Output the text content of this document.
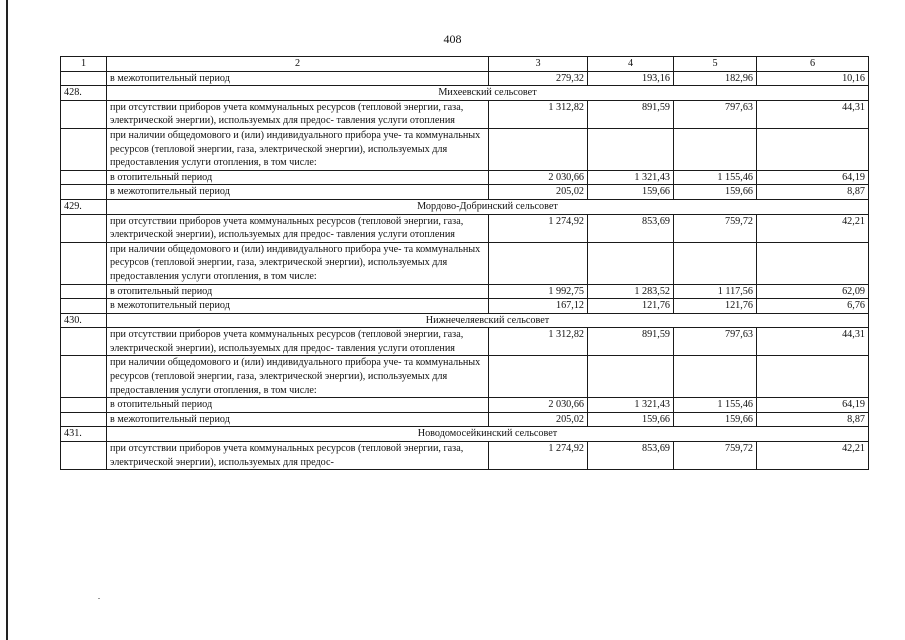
408
1	2	3	4	5	6
	в межотопительный период	279,32	193,16	182,96	10,16
428.	Михеевский сельсовет				
	при отсутствии приборов учета коммунальных ресурсов (тепловой энергии, газа, электрической энергии), используемых для предос- тавления услуги отопления	1 312,82	891,59	797,63	44,31
	при наличии общедомового и (или) индивидуального прибора уче- та коммунальных ресурсов (тепловой энергии, газа, электрической энергии), используемых для предоставления услуги отопления, в том числе:				
	в отопительный период	2 030,66	1 321,43	1 155,46	64,19
	в межотопительный период	205,02	159,66	159,66	8,87
429.	Мордово-Добринский сельсовет				
	при отсутствии приборов учета коммунальных ресурсов (тепловой энергии, газа, электрической энергии), используемых для предос- тавления услуги отопления	1 274,92	853,69	759,72	42,21
	при наличии общедомового и (или) индивидуального прибора уче- та коммунальных ресурсов (тепловой энергии, газа, электрической энергии), используемых для предоставления услуги отопления, в том числе:				
	в отопительный период	1 992,75	1 283,52	1 117,56	62,09
	в межотопительный период	167,12	121,76	121,76	6,76
430.	Нижнечеляевский сельсовет				
	при отсутствии приборов учета коммунальных ресурсов (тепловой энергии, газа, электрической энергии), используемых для предос- тавления услуги отопления	1 312,82	891,59	797,63	44,31
	при наличии общедомового и (или) индивидуального прибора уче- та коммунальных ресурсов (тепловой энергии, газа, электрической энергии), используемых для предоставления услуги отопления, в том числе:				
	в отопительный период	2 030,66	1 321,43	1 155,46	64,19
	в межотопительный период	205,02	159,66	159,66	8,87
431.	Новодомосейкинский сельсовет				
	при отсутствии приборов учета коммунальных ресурсов (тепловой энергии, газа, электрической энергии), используемых для предос-	1 274,92	853,69	759,72	42,21
